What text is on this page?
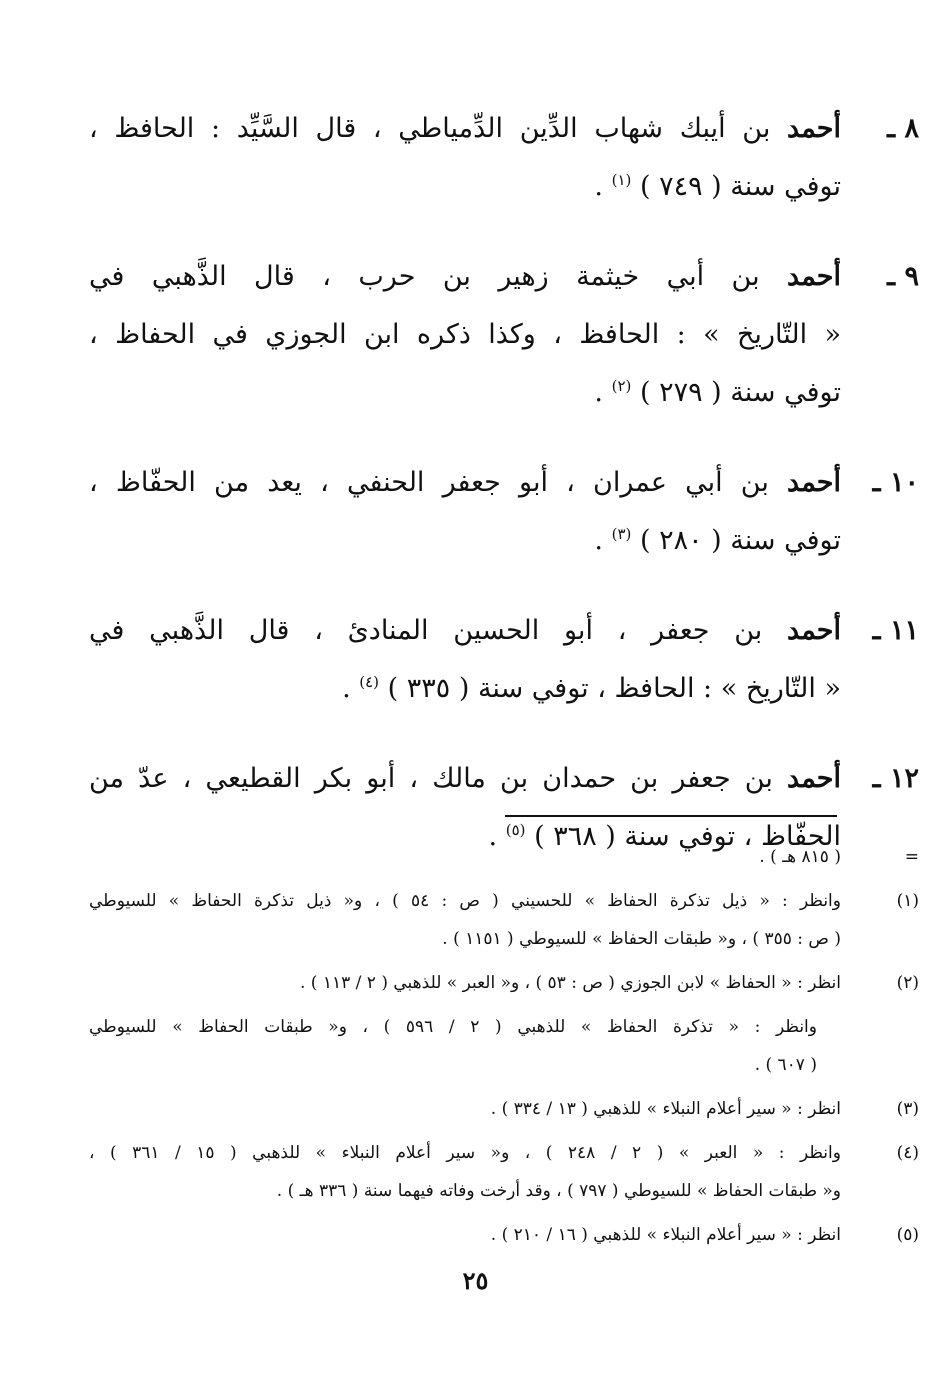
٨ ـ
أحمد بن أيبك شهاب الدِّين الدِّمياطي ، قال السَّيِّد : الحافظ ،
توفي سنة ( ٧٤٩ ) $^{(١)}$ .
٩ ـ
أحمد بن أبي خيثمة زهير بن حرب ، قال الذَّهبي في
« التّاريخ » : الحافظ ، وكذا ذكره ابن الجوزي في الحفاظ ،
توفي سنة ( ٢٧٩ ) $^{(٢)}$ .
١٠ ـ
أحمد بن أبي عمران ، أبو جعفر الحنفي ، يعد من الحفّاظ ،
توفي سنة ( ٢٨٠ ) $^{(٣)}$ .
١١ ـ
أحمد بن جعفر ، أبو الحسين المنادئ ، قال الذَّهبي في
« التّاريخ » : الحافظ ، توفي سنة ( ٣٣٥ ) $^{(٤)}$ .
١٢ ـ
أحمد بن جعفر بن حمدان بن مالك ، أبو بكر القطيعي ، عدّ من
الحفّاظ ، توفي سنة ( ٣٦٨ ) $^{(٥)}$ .
=
( ٨١٥ هـ ) .
(١)
وانظر : « ذيل تذكرة الحفاظ » للحسيني ( ص : ٥٤ ) ، و« ذيل تذكرة الحفاظ » للسيوطي
( ص : ٣٥٥ ) ، و« طبقات الحفاظ » للسيوطي ( ١١٥١ ) .
(٢)
انظر : « الحفاظ » لابن الجوزي ( ص : ٥٣ ) ، و« العبر » للذهبي ( ٢ / ١١٣ ) .
وانظر : « تذكرة الحفاظ » للذهبي ( ٢ / ٥٩٦ ) ، و« طبقات الحفاظ » للسيوطي
( ٦٠٧ ) .
(٣)
انظر : « سير أعلام النبلاء » للذهبي ( ١٣ / ٣٣٤ ) .
(٤)
وانظر : « العبر » ( ٢ / ٢٤٨ ) ، و« سير أعلام النبلاء » للذهبي ( ١٥ / ٣٦١ ) ،
و« طبقات الحفاظ » للسيوطي ( ٧٩٧ ) ، وقد أرخت وفاته فيهما سنة ( ٣٣٦ هـ ) .
(٥)
انظر : « سير أعلام النبلاء » للذهبي ( ١٦ / ٢١٠ ) .
٢٥
